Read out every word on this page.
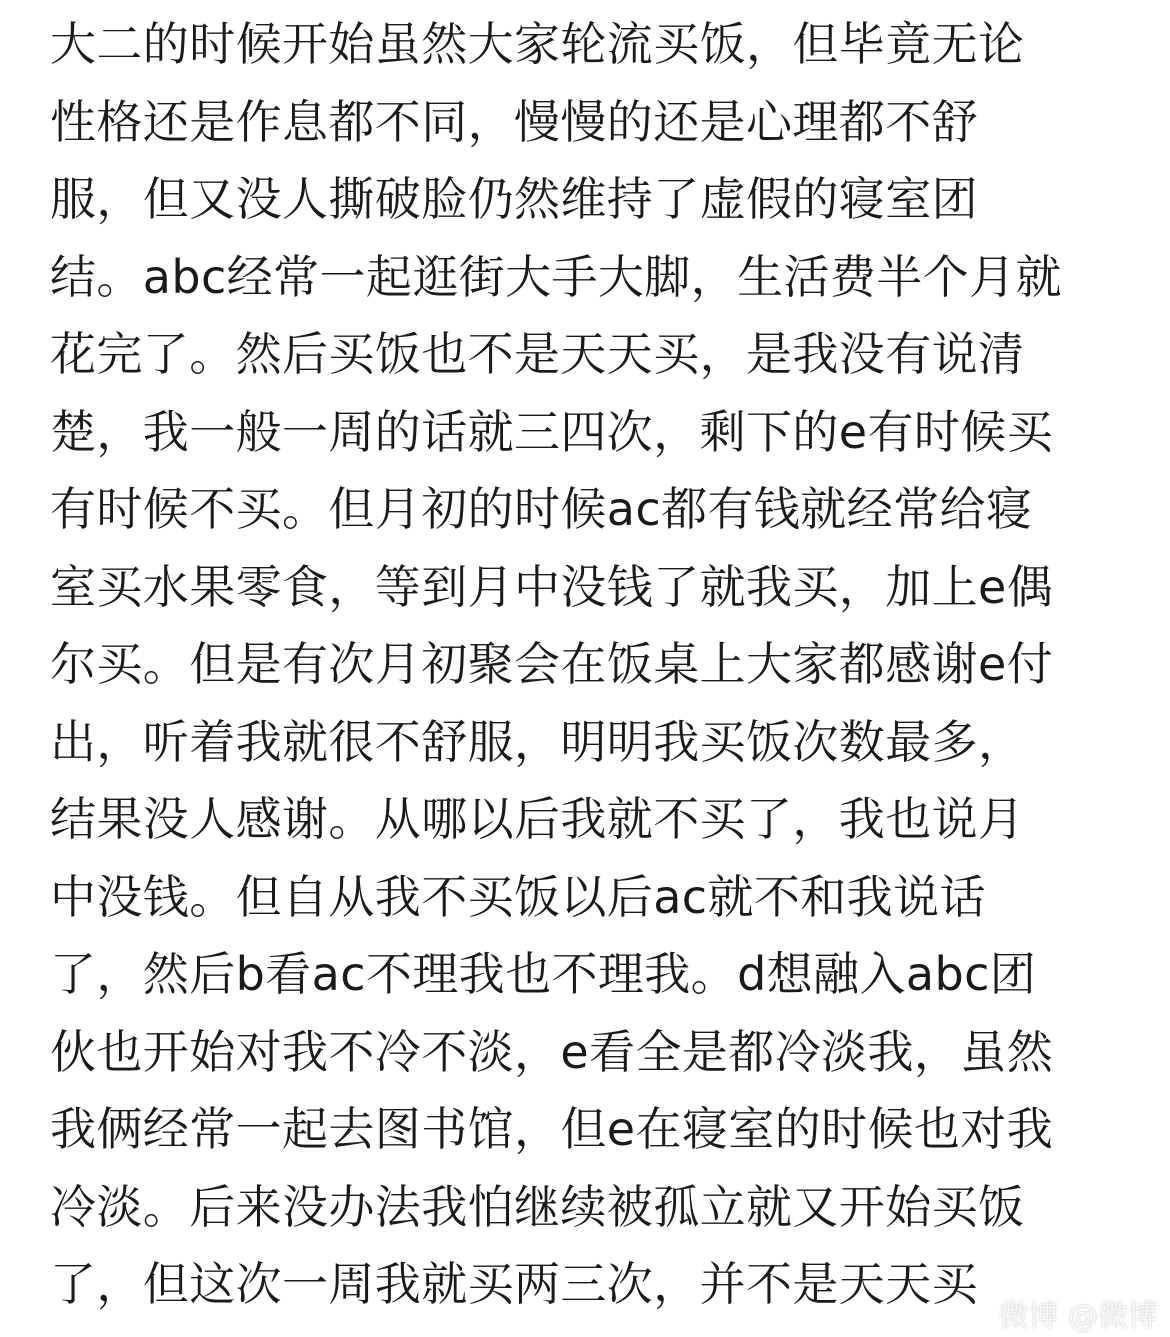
大二的时候开始虽然大家轮流买饭，但毕竟无论
性格还是作息都不同，慢慢的还是心理都不舒
服，但又没人撕破脸仍然维持了虚假的寝室团
结。abc经常一起逛街大手大脚，生活费半个月就
花完了。然后买饭也不是天天买，是我没有说清
楚，我一般一周的话就三四次，剩下的e有时候买
有时候不买。但月初的时候ac都有钱就经常给寝
室买水果零食，等到月中没钱了就我买，加上e偶
尔买。但是有次月初聚会在饭桌上大家都感谢e付
出，听着我就很不舒服，明明我买饭次数最多，
结果没人感谢。从哪以后我就不买了，我也说月
中没钱。但自从我不买饭以后ac就不和我说话
了，然后b看ac不理我也不理我。d想融入abc团
伙也开始对我不冷不淡，e看全是都冷淡我，虽然
我俩经常一起去图书馆，但e在寝室的时候也对我
冷淡。后来没办法我怕继续被孤立就又开始买饭
了，但这次一周我就买两三次，并不是天天买
微博 @微博
